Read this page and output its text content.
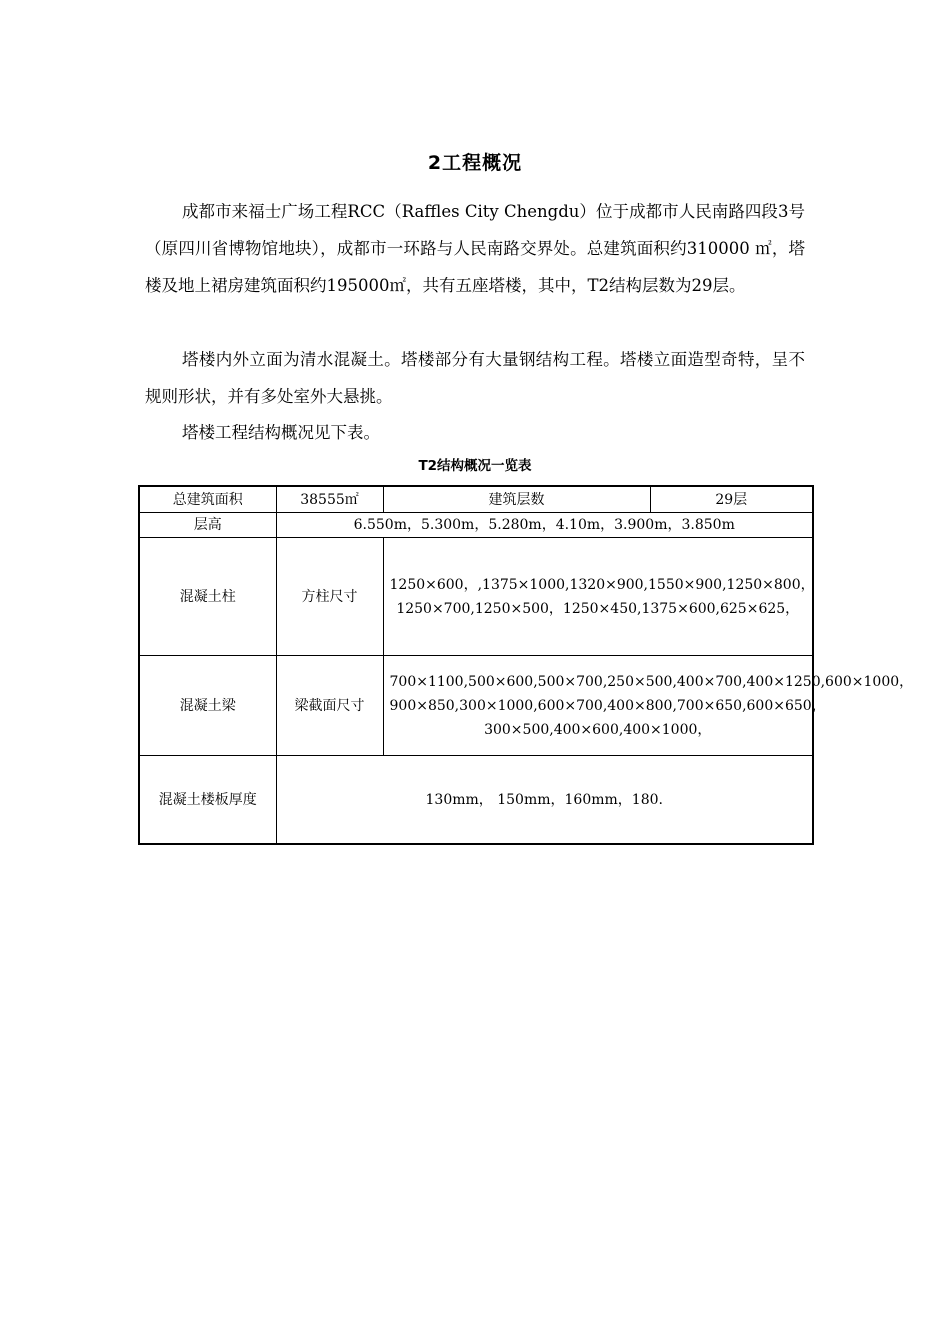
2工程概况
成都市来福士广场工程RCC（Raffles City Chengdu）位于成都市人民南路四段3号（原四川省博物馆地块），成都市一环路与人民南路交界处。总建筑面积约310000 ㎡，塔楼及地上裙房建筑面积约195000㎡，共有五座塔楼，其中，T2结构层数为29层。
塔楼内外立面为清水混凝土。塔楼部分有大量钢结构工程。塔楼立面造型奇特，呈不规则形状，并有多处室外大悬挑。
塔楼工程结构概况见下表。
T2结构概况一览表
总建筑面积	38555㎡	建筑层数	29层
层高	6.550m，5.300m，5.280m，4.10m，3.900m，3.850m		
混凝土柱	方柱尺寸	1250×600，,1375×1000,1320×900,1550×900,1250×800，1250×700,1250×500，1250×450,1375×600,625×625，	
混凝土梁	梁截面尺寸	700×1100,500×600,500×700,250×500,400×700,400×1250,600×1000，900×850,300×1000,600×700,400×800,700×650,600×650，300×500,400×600,400×1000，	
混凝土楼板厚度	130mm， 150mm，160mm，180.		
